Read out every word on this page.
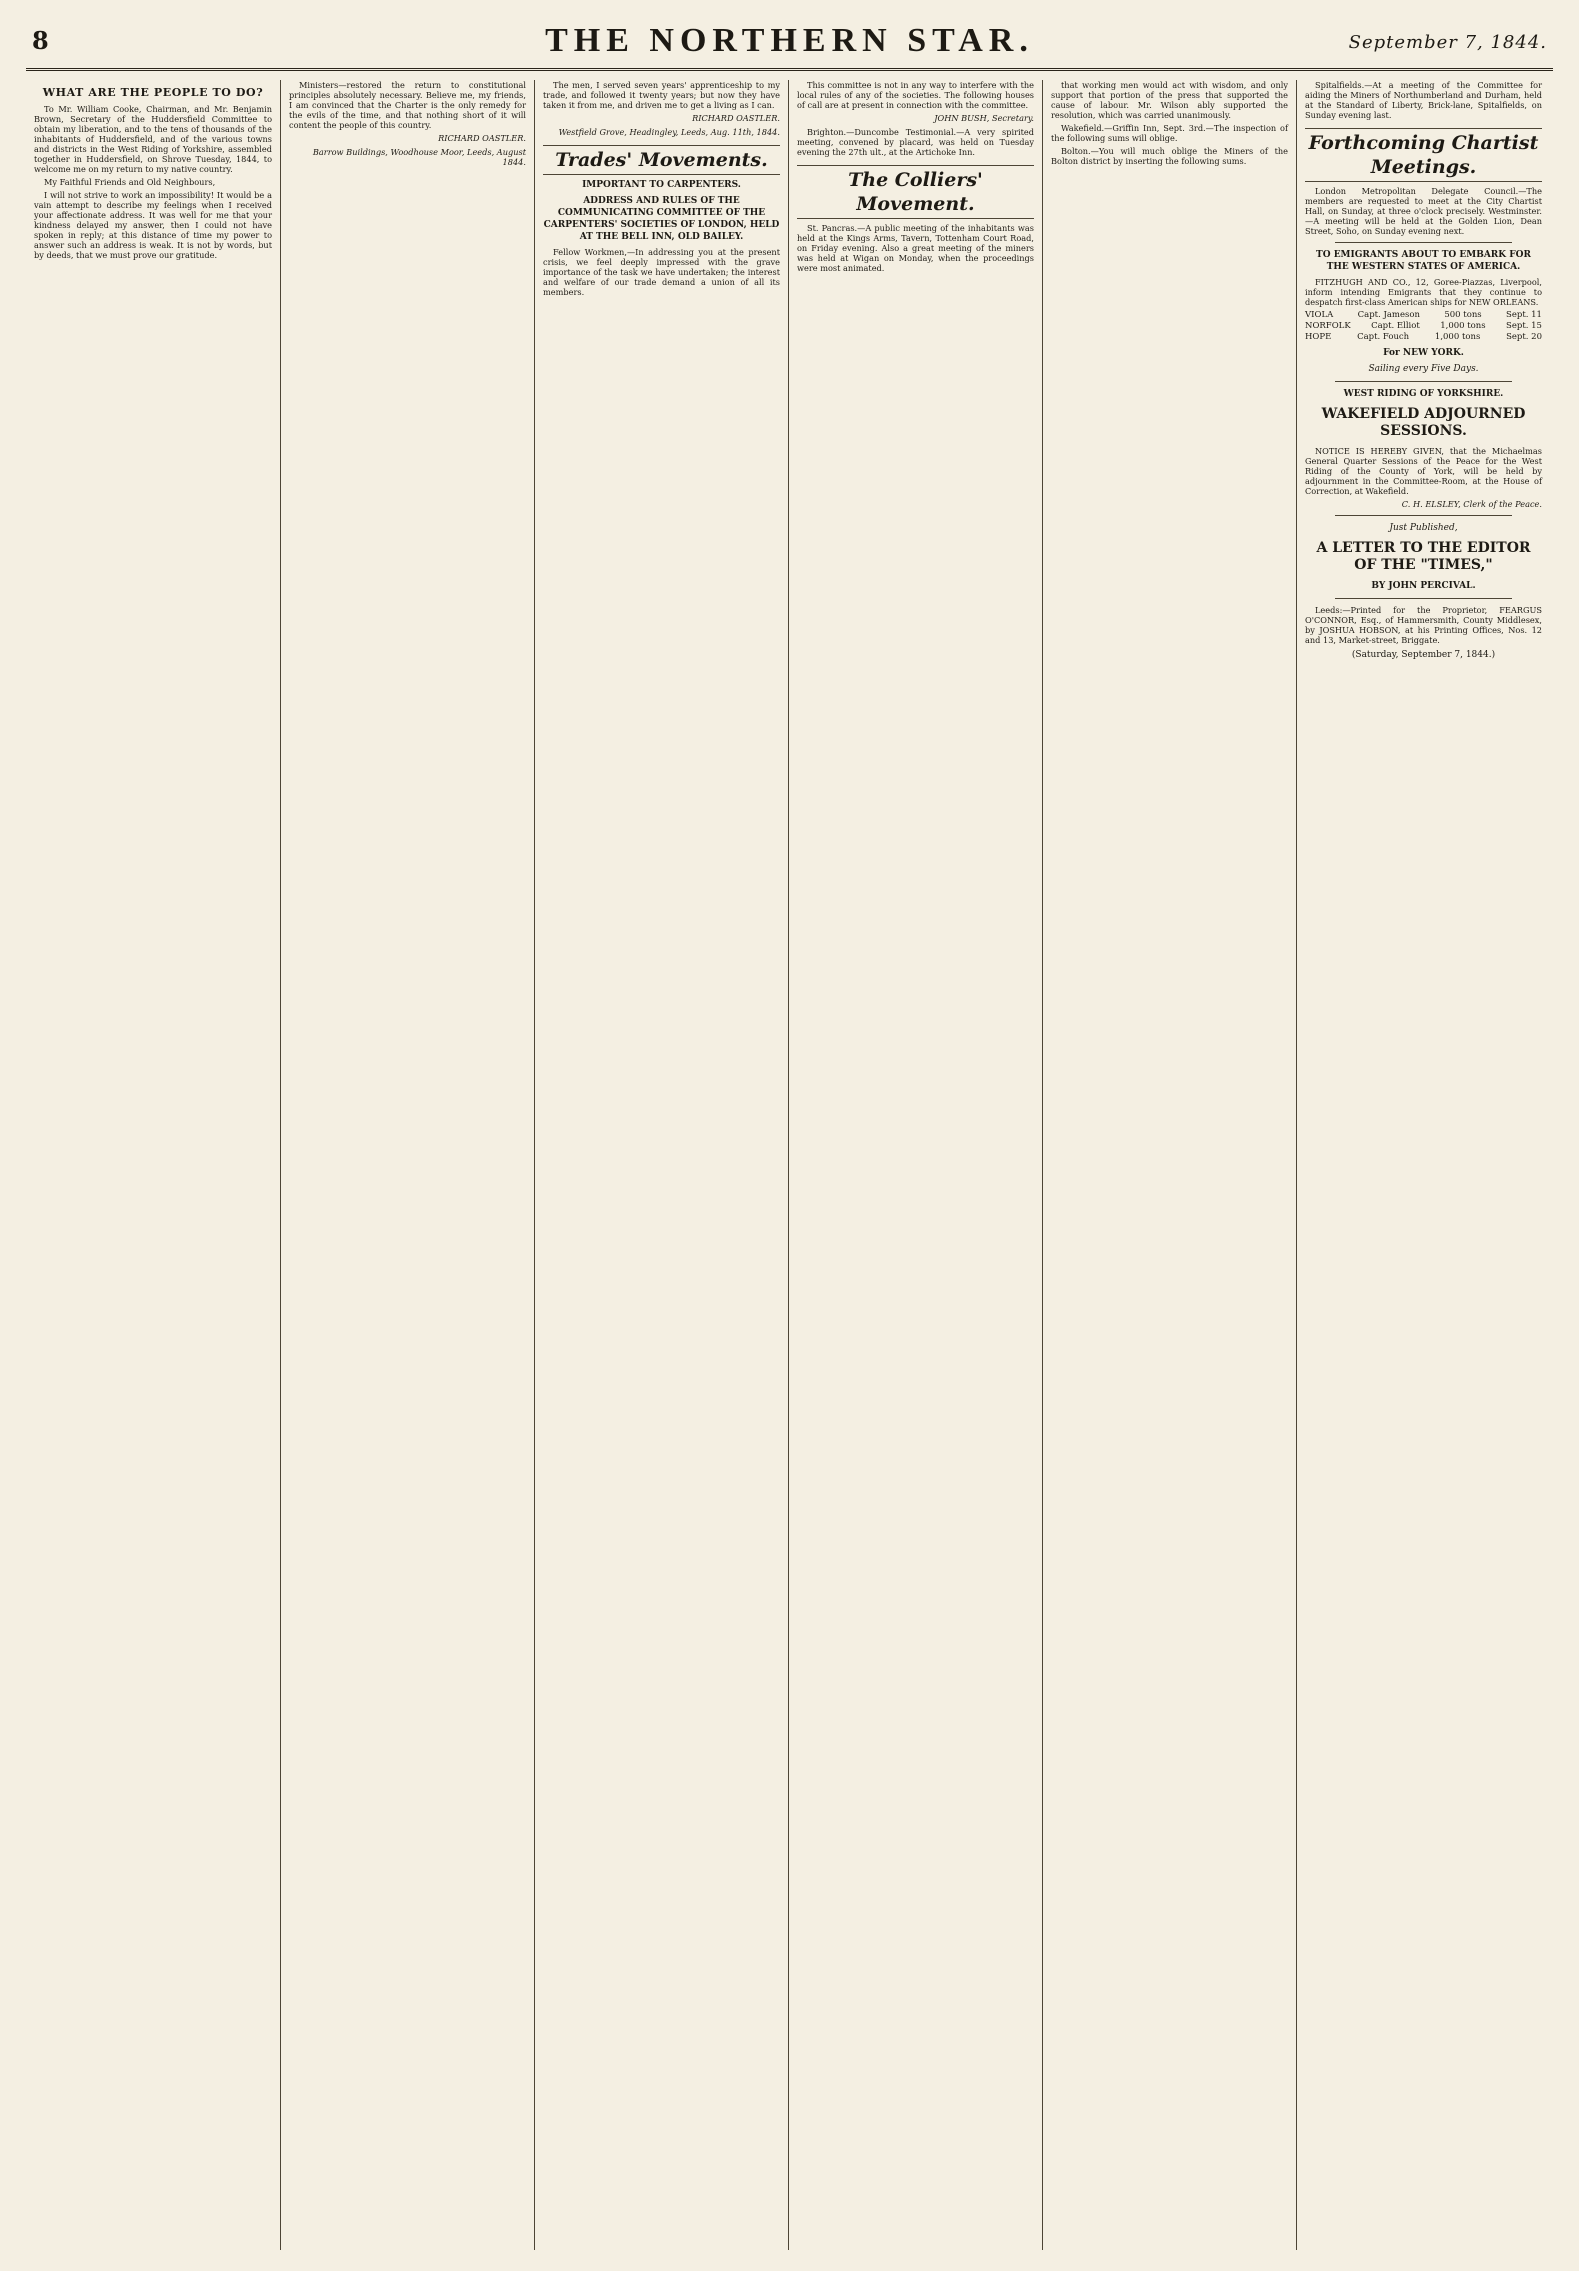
8	THE NORTHERN STAR.	September 7, 1844.
WHAT ARE THE PEOPLE TO DO?

To Mr. William Cooke, Chairman, and Mr. Benjamin Brown, Secretary of the Huddersfield Committee to obtain my liberation, and to the tens of thousands of the inhabitants of Huddersfield, and of the various towns and districts in the West Riding of Yorkshire, assembled together in Huddersfield, on Shrove Tuesday, 1844, to welcome me on my return to my native country.

My Faithful Friends and Old Neighbours,

I will not strive to work an impossibility! It would be a vain attempt to describe my feelings when I received your affectionate address. It was well for me that your kindness delayed my answer, then I could not have spoken in reply; at this distance of time my power to answer such an address is weak. It is not by words, but by deeds, that we must prove our gratitude.

Ministers—restored the return to constitutional principles absolutely necessary. Believe me, my friends, I am convinced that the Charter is the only remedy for the evils of the time, and that nothing short of it will content the people of this country.

RICHARD OASTLER.
Barrow Buildings, Woodhouse Moor, Leeds, August 1844.

The men, I served seven years' apprenticeship to my trade, and followed it twenty years; but now they have taken it from me, and driven me to get a living as I can.

RICHARD OASTLER.
Westfield Grove, Headingley, Leeds, Aug. 11th, 1844.
Trades' Movements.
IMPORTANT TO CARPENTERS.
ADDRESS AND RULES OF THE COMMUNICATING COMMITTEE OF THE CARPENTERS' SOCIETIES OF LONDON, HELD AT THE BELL INN, OLD BAILEY.

Fellow Workmen,—In addressing you at the present crisis, we feel deeply impressed with the grave importance of the task we have undertaken; the interest and welfare of our trade demand a union of all its members.

This committee is not in any way to interfere with the local rules of any of the societies. The following houses of call are at present in connection with the committee.

JOHN BUSH, Secretary.

Brighton.—Duncombe Testimonial.—A very spirited meeting, convened by placard, was held on Tuesday evening the 27th ult., at the Artichoke Inn.

The Colliers' Movement.

St. Pancras.—A public meeting of the inhabitants was held at the Kings Arms, Tavern, Tottenham Court Road, on Friday evening. Also a great meeting of the miners was held at Wigan on Monday, when the proceedings were most animated.

that working men would act with wisdom, and only support that portion of the press that supported the cause of labour. Mr. Wilson ably supported the resolution, which was carried unanimously.

Wakefield.—Griffin Inn, Sept. 3rd.—The inspection of the following sums will oblige.

Bolton.—You will much oblige the Miners of the Bolton district by inserting the following sums.

Spitalfields.—At a meeting of the Committee for aiding the Miners of Northumberland and Durham, held at the Standard of Liberty, Brick-lane, Spitalfields, on Sunday evening last.

Forthcoming Chartist Meetings.

London Metropolitan Delegate Council.—The members are requested to meet at the City Chartist Hall, on Sunday, at three o'clock precisely. Westminster.—A meeting will be held at the Golden Lion, Dean Street, Soho, on Sunday evening next.

TO EMIGRANTS ABOUT TO EMBARK FOR THE WESTERN STATES OF AMERICA.

FITZHUGH AND CO., 12, Goree-Piazzas, Liverpool, inform intending Emigrants that they continue to despatch first-class American ships for NEW ORLEANS.

VIOLA	Capt. Jameson	500 tons	Sept. 11
NORFOLK Capt. Elliot 1,000 tons Sept. 15
HOPE	Capt. Fouch	1,000 tons	Sept. 20
For NEW YORK.
Sailing every Five Days.
WEST RIDING OF YORKSHIRE.
WAKEFIELD ADJOURNED SESSIONS.

NOTICE IS HEREBY GIVEN, that the Michaelmas General Quarter Sessions of the Peace for the West Riding of the County of York, will be held by adjournment in the Committee-Room, at the House of Correction, at Wakefield.

C. H. ELSLEY, Clerk of the Peace.
Just Published,
A LETTER TO THE EDITOR OF THE "TIMES,"
BY JOHN PERCIVAL.

Leeds:—Printed for the Proprietor, FEARGUS O'CONNOR, Esq., of Hammersmith, County Middlesex, by JOSHUA HOBSON, at his Printing Offices, Nos. 12 and 13, Market-street, Briggate.

(Saturday, September 7, 1844.)
